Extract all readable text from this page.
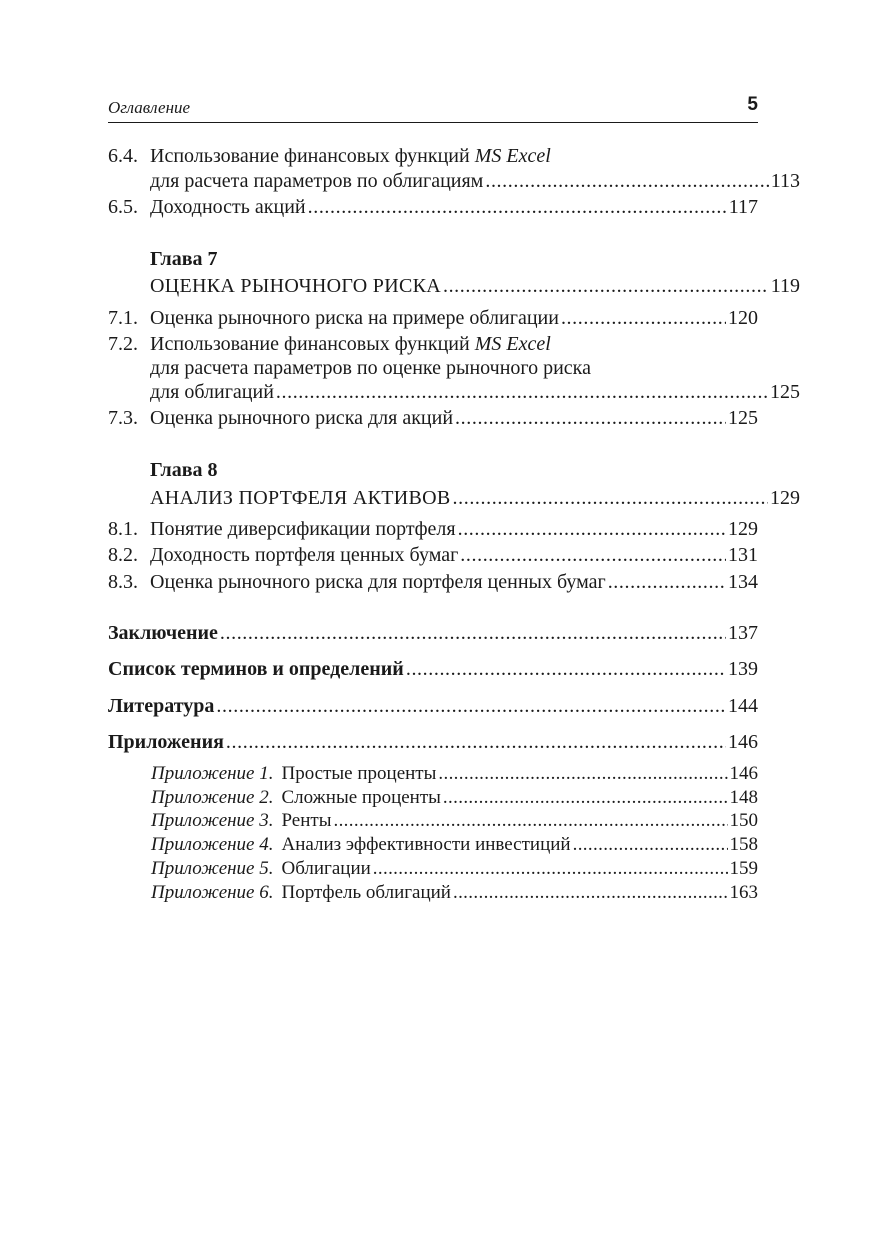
Оглавление	5
6.4. Использование финансовых функций MS Excel
для расчета параметров по облигациям . . .	113
6.5. Доходность акций . . .	117
Глава 7
ОЦЕНКА РЫНОЧНОГО РИСКА . . .	119
7.1. Оценка рыночного риска на примере облигации . . .	120
7.2. Использование финансовых функций MS Excel
для расчета параметров по оценке рыночного риска
для облигаций . . .	125
7.3. Оценка рыночного риска для акций . . .	125
Глава 8
АНАЛИЗ ПОРТФЕЛЯ АКТИВОВ . . .	129
8.1. Понятие диверсификации портфеля . . .	129
8.2. Доходность портфеля ценных бумаг . . .	131
8.3. Оценка рыночного риска для портфеля ценных бумаг . . .	134
Заключение . . .	137
Список терминов и определений . . .	139
Литература . . .	144
Приложения . . .	146
Приложение 1. Простые проценты . . .	146
Приложение 2. Сложные проценты . . .	148
Приложение 3. Ренты . . .	150
Приложение 4. Анализ эффективности инвестиций . . .	158
Приложение 5. Облигации . . .	159
Приложение 6. Портфель облигаций . . .	163
